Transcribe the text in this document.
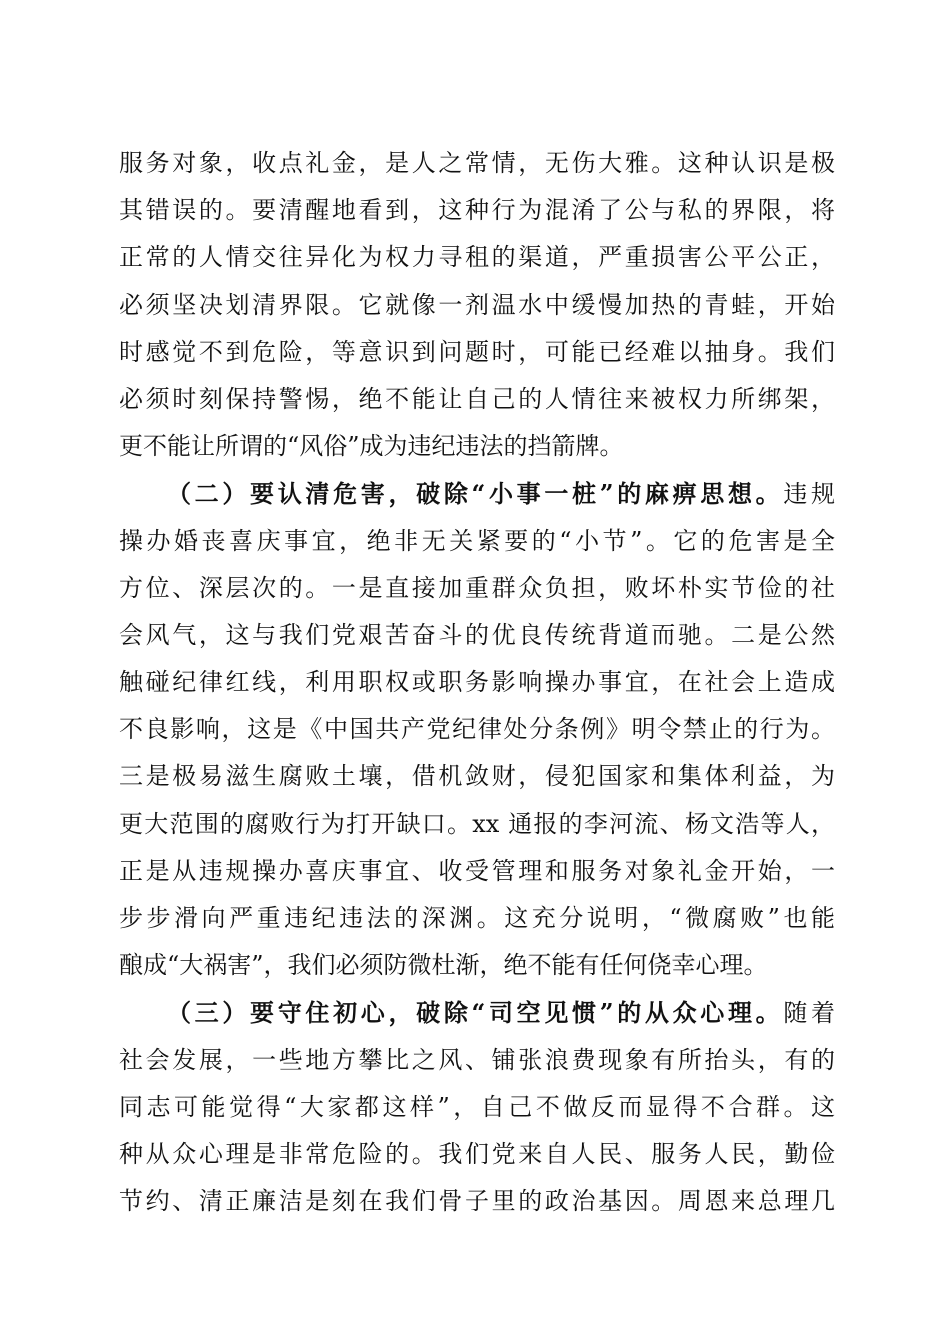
服务对象，收点礼金，是人之常情，无伤大雅。这种认识是极
其错误的。要清醒地看到，这种行为混淆了公与私的界限，将
正常的人情交往异化为权力寻租的渠道，严重损害公平公正，
必须坚决划清界限。它就像一剂温水中缓慢加热的青蛙，开始
时感觉不到危险，等意识到问题时，可能已经难以抽身。我们
必须时刻保持警惕，绝不能让自己的人情往来被权力所绑架，
更不能让所谓的“风俗”成为违纪违法的挡箭牌。
（二）要认清危害，破除“小事一桩”的麻痹思想。违规
操办婚丧喜庆事宜，绝非无关紧要的“小节”。它的危害是全
方位、深层次的。一是直接加重群众负担，败坏朴实节俭的社
会风气，这与我们党艰苦奋斗的优良传统背道而驰。二是公然
触碰纪律红线，利用职权或职务影响操办事宜，在社会上造成
不良影响，这是《中国共产党纪律处分条例》明令禁止的行为。
三是极易滋生腐败土壤，借机敛财，侵犯国家和集体利益，为
更大范围的腐败行为打开缺口。xx 通报的李河流、杨文浩等人，
正是从违规操办喜庆事宜、收受管理和服务对象礼金开始，一
步步滑向严重违纪违法的深渊。这充分说明，“微腐败”也能
酿成“大祸害”，我们必须防微杜渐，绝不能有任何侥幸心理。
（三）要守住初心，破除“司空见惯”的从众心理。随着
社会发展，一些地方攀比之风、铺张浪费现象有所抬头，有的
同志可能觉得“大家都这样”，自己不做反而显得不合群。这
种从众心理是非常危险的。我们党来自人民、服务人民，勤俭
节约、清正廉洁是刻在我们骨子里的政治基因。周恩来总理几
